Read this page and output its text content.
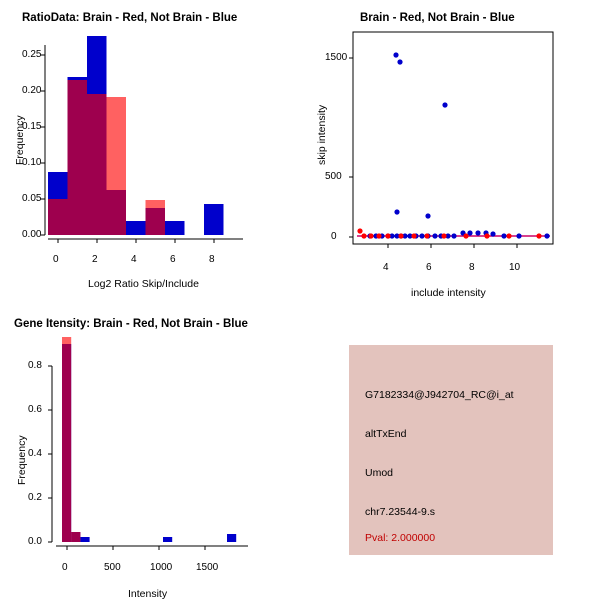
RatioData: Brain - Red, Not Brain - Blue
Frequency
Log2 Ratio Skip/Include
0.00
0.05
0.10
0.15
0.20
0.25
0	2	4	6	8
Brain - Red, Not Brain - Blue
skip intensity
include intensity
0
500
1500
4	6	8	10
Gene Itensity: Brain - Red, Not Brain - Blue
Frequency
Intensity
0.0
0.2
0.4
0.6
0.8
0	500	1000 1500
G7182334@J942704_RC@i_at
altTxEnd
Umod
chr7.23544-9.s
Pval: 2.000000
